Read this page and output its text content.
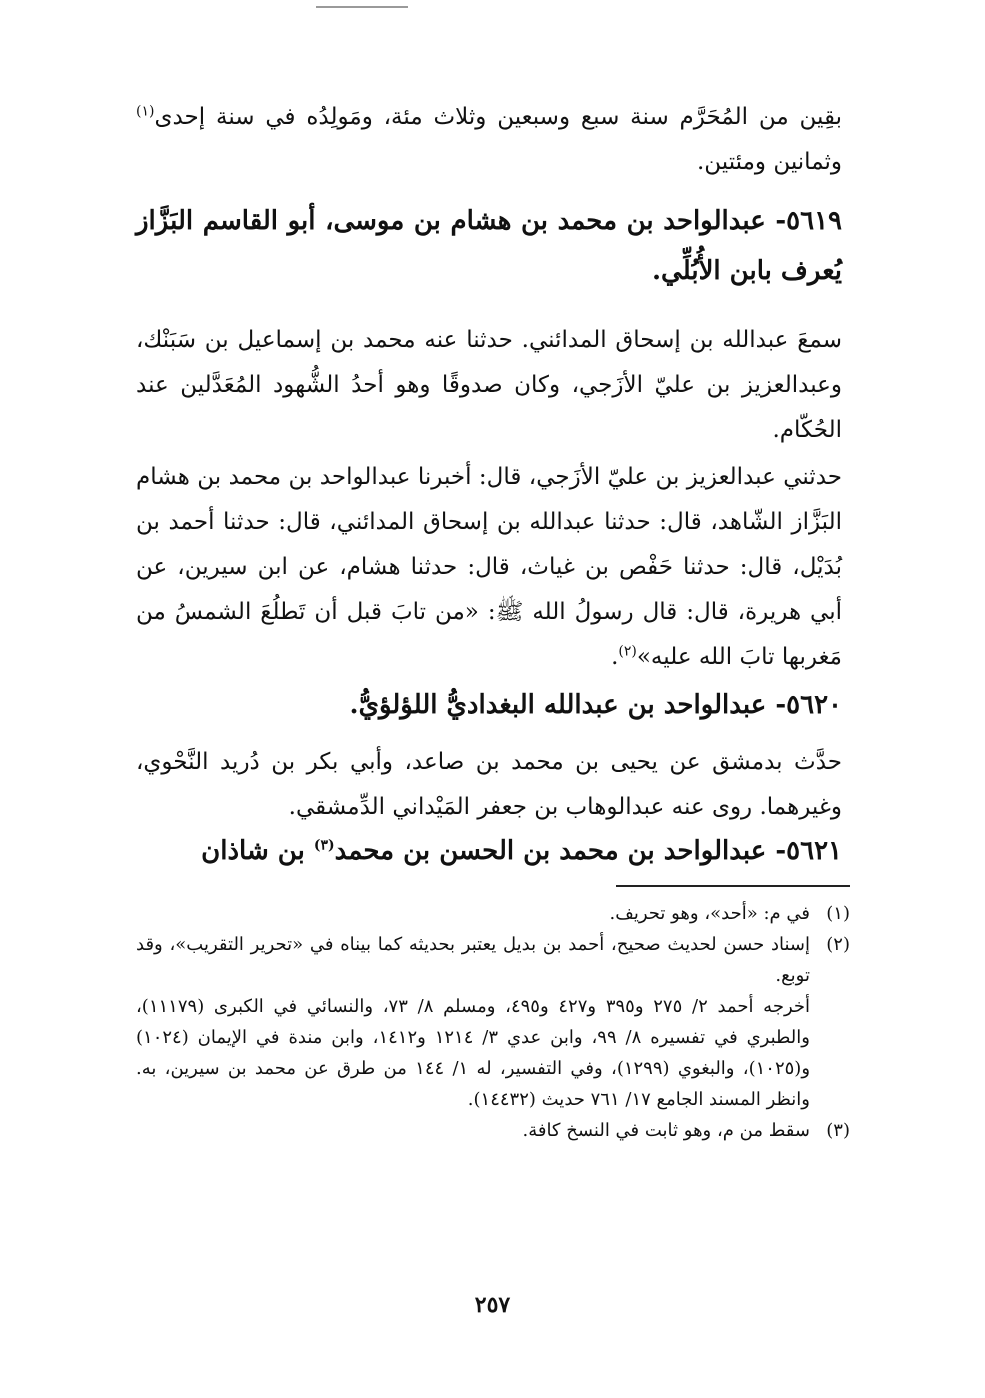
بقِين من المُحَرَّم سنة سبع وسبعين وثلاث مئة، ومَولِدُه في سنة إحدى$^{(١)}$ وثمانين ومئتين.
٥٦١٩- عبدالواحد بن محمد بن هشام بن موسى، أبو القاسم البَزَّاز يُعرف بابن الأُبُلِّي.
سمعَ عبدالله بن إسحاق المدائني. حدثنا عنه محمد بن إسماعيل بن سَبَنْك، وعبدالعزيز بن عليّ الأزَجي، وكان صدوقًا وهو أحدُ الشُّهود المُعَدَّلين عند الحُكّام.
حدثني عبدالعزيز بن عليّ الأزَجي، قال: أخبرنا عبدالواحد بن محمد بن هشام البَزَّاز الشّاهد، قال: حدثنا عبدالله بن إسحاق المدائني، قال: حدثنا أحمد بن بُدَيْل، قال: حدثنا حَفْص بن غياث، قال: حدثنا هشام، عن ابن سيرين، عن أبي هريرة، قال: قال رسولُ الله ﷺ: «من تابَ قبل أن تَطلُعَ الشمسُ من مَغربها تابَ الله عليه»$^{(٢)}$.
٥٦٢٠- عبدالواحد بن عبدالله البغداديُّ اللؤلؤيُّ.
حدَّث بدمشق عن يحيى بن محمد بن صاعد، وأبي بكر بن دُريد النَّحْوي، وغيرهما. روى عنه عبدالوهاب بن جعفر المَيْداني الدِّمشقي.
٥٦٢١- عبدالواحد بن محمد بن الحسن بن محمد$^{(٣)}$ بن شاذان
(١)
في م: «أحد»، وهو تحريف.
(٢)
إسناد حسن لحديث صحيح، أحمد بن بديل يعتبر بحديثه كما بيناه في «تحرير التقريب»، وقد توبع.
أخرجه أحمد ٢/ ٢٧٥ و٣٩٥ و٤٢٧ و٤٩٥، ومسلم ٨/ ٧٣، والنسائي في الكبرى (١١١٧٩)، والطبري في تفسيره ٨/ ٩٩، وابن عدي ٣/ ١٢١٤ و١٤١٢، وابن مندة في الإيمان (١٠٢٤) و(١٠٢٥)، والبغوي (١٢٩٩)، وفي التفسير، له ١/ ١٤٤ من طرق عن محمد بن سيرين، به. وانظر المسند الجامع ١٧/ ٧٦١ حديث (١٤٤٣٢).
(٣)
سقط من م، وهو ثابت في النسخ كافة.
٢٥٧
